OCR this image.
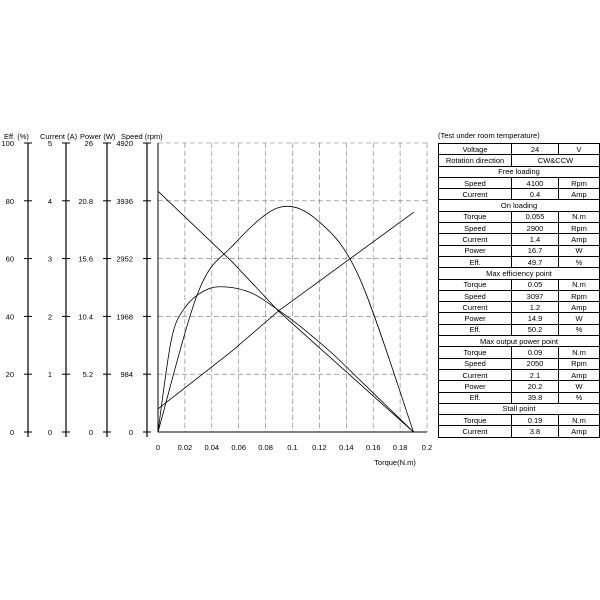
0 0.02 0.04 0.06 0.08 0.1 0.12 0.14 0.16 0.18 0.2
Eff. (%)
0
20
40
60
80
100
Current (A)
0
1
2
3
4
5
Power (W)
0
5.2
10.4
15.6
20.8
26
Speed (rpm)
0
984
1968
2952
3936
4920
Torque(N.m)
(Test under room temperature)
Voltage	24	V
Rotation direction	CW&CCW	
Free loading		
Speed	4100	Rpm
Current	0.4	Amp
On loading		
Torque	0.055	N.m
Speed	2900	Rpm
Current	1.4	Amp
Power	16.7	W
Eff.	49.7	%
Max efficiency point		
Torque	0.05	N.m
Speed	3097	Rpm
Current	1.2	Amp
Power	14.9	W
Eff.	50.2	%
Max output power point		
Torque	0.09	N.m
Speed	2050	Rpm
Current	2.1	Amp
Power	20.2	W
Eff.	39.8	%
Stall point		
Torque	0.19	N.m
Current	3.8	Amp
